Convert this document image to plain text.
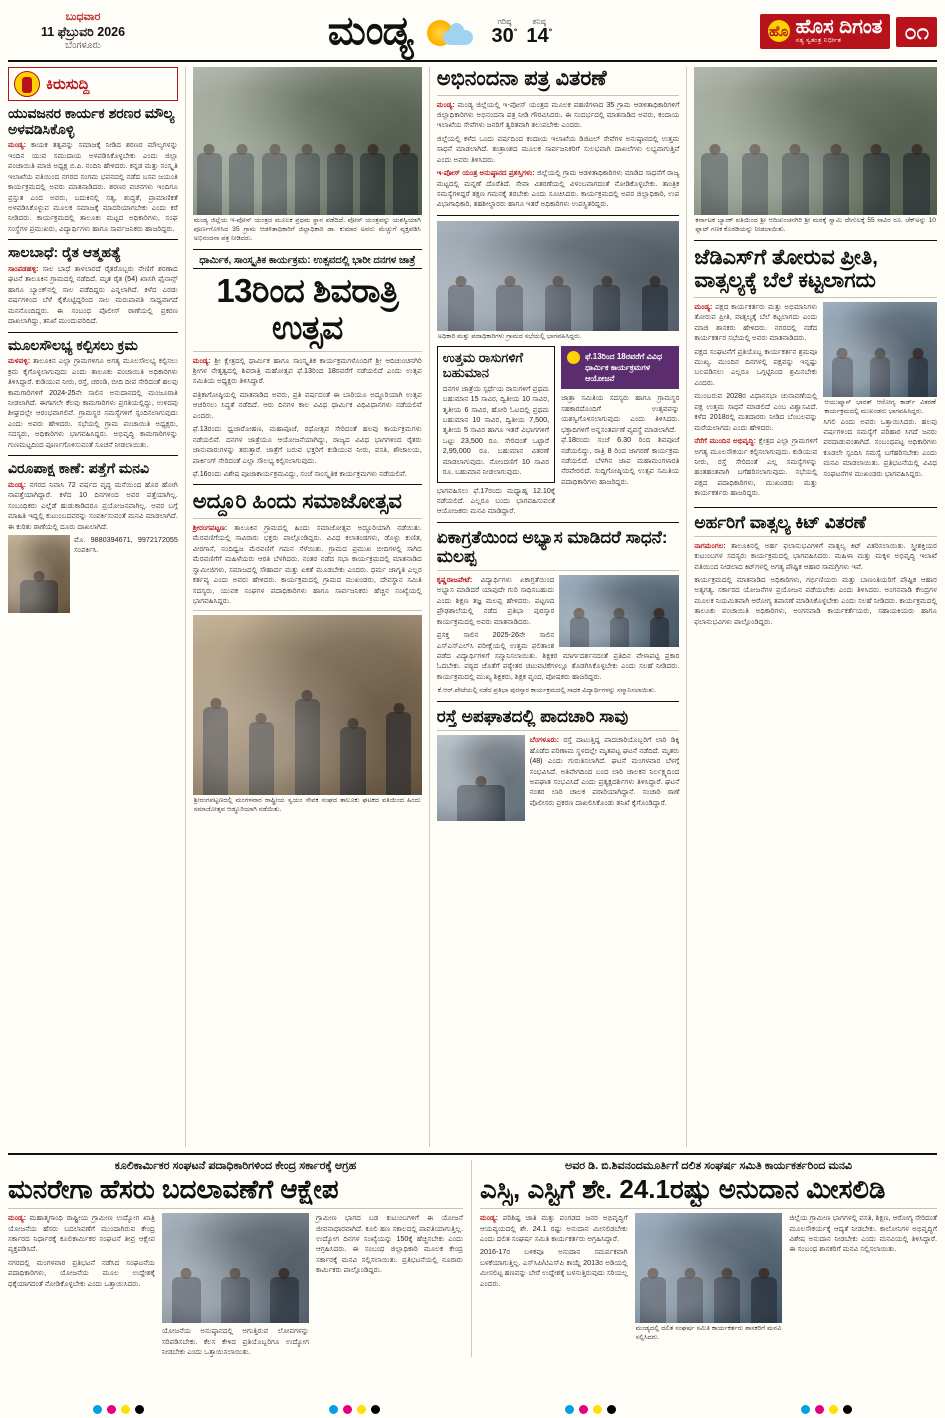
ಬುಧವಾರ
11 ಫೆಬ್ರುವರಿ 2026
ಬೆಂಗಳೂರು	ಮಂಡ್ಯ	ಗರಿಷ್ಠ
30°
ಕನಿಷ್ಠ
14°	ಹೊ ಹೊಸ ದಿಗಂತ
ಸತ್ಯ ಸ್ವತಂತ್ರ ನಿರ್ಭೀತ	೦೧
ಕಿರುಸುದ್ದಿ
ಯುವಜನರ ಕಾರ್ಯಕ ಶರಣರ ಮೌಲ್ಯ ಅಳವಡಿಸಿಕೊಳ್ಳಿ

ಮಂಡ್ಯ: ಕಾಯಕ ತತ್ವವನ್ನು ಸಮಾಜಕ್ಕೆ ನೀಡಿದ ಶರಣರ ಮೌಲ್ಯಗಳನ್ನು ಇಂದಿನ ಯುವ ಸಮುದಾಯ ಅಳವಡಿಸಿಕೊಳ್ಳಬೇಕು ಎಂದು ಜಿಲ್ಲಾ ಪಂಚಾಯಿತಿ ಮಾಜಿ ಅಧ್ಯಕ್ಷ ಬಿ.ಪಿ. ನಂದಿನಿ ಹೇಳಿದರು. ಕನ್ನಡ ಮತ್ತು ಸಂಸ್ಕೃತಿ ಇಲಾಖೆಯ ವತಿಯಿಂದ ನಗರದ ಸಂಗಮ ಭವನದಲ್ಲಿ ನಡೆದ ಬಸವ ಜಯಂತಿ ಕಾರ್ಯಕ್ರಮದಲ್ಲಿ ಅವರು ಮಾತನಾಡಿದರು. ಶರಣರ ವಚನಗಳು ಇಂದಿಗೂ ಪ್ರಸ್ತುತ ಎಂದ ಅವರು, ಬದುಕಿನಲ್ಲಿ ಸತ್ಯ, ಶುದ್ಧತೆ, ಪ್ರಾಮಾಣಿಕತೆ ಅಳವಡಿಸಿಕೊಳ್ಳುವ ಮೂಲಕ ಸಮಾಜಕ್ಕೆ ಮಾದರಿಯಾಗಬೇಕು ಎಂದು ಕರೆ ನೀಡಿದರು. ಕಾರ್ಯಕ್ರಮದಲ್ಲಿ ತಾಲೂಕು ಮಟ್ಟದ ಅಧಿಕಾರಿಗಳು, ಸಂಘ ಸಂಸ್ಥೆಗಳ ಪ್ರಮುಖರು, ವಿದ್ಯಾರ್ಥಿಗಳು ಹಾಗೂ ಸಾರ್ವಜನಿಕರು ಹಾಜರಿದ್ದರು.

ಸಾಲಬಾಧೆ: ರೈತ ಆತ್ಮಹತ್ಯೆ

ಸಾಂಪಡಹಳ್ಳಿ: ಸಾಲ ಬಾಧೆ ತಾಳಲಾರದೆ ರೈತರೊಬ್ಬರು ನೇಣಿಗೆ ಶರಣಾದ ಘಟನೆ ತಾಲೂಕಿನ ಗ್ರಾಮದಲ್ಲಿ ನಡೆದಿದೆ. ಮೃತ ರೈತ (54) ಖಾಸಗಿ ಫೈನಾನ್ಸ್ ಹಾಗೂ ಬ್ಯಾಂಕ್‌ನಲ್ಲಿ ಸಾಲ ಪಡೆದಿದ್ದರು ಎನ್ನಲಾಗಿದೆ. ಕಳೆದ ಎರಡು ವರ್ಷಗಳಿಂದ ಬೆಳೆ ಕೈಕೊಟ್ಟಿದ್ದರಿಂದ ಸಾಲ ಮರುಪಾವತಿ ಸಾಧ್ಯವಾಗದೆ ಮನನೊಂದಿದ್ದರು. ಈ ಸಂಬಂಧ ಪೊಲೀಸ್ ಠಾಣೆಯಲ್ಲಿ ಪ್ರಕರಣ ದಾಖಲಾಗಿದ್ದು, ತನಿಖೆ ಮುಂದುವರಿದಿದೆ.

ಮೂಲಸೌಲಭ್ಯ ಕಲ್ಪಿಸಲು ಕ್ರಮ

ಮಳವಳ್ಳಿ: ತಾಲೂಕಿನ ಎಲ್ಲಾ ಗ್ರಾಮಗಳಿಗೂ ಅಗತ್ಯ ಮೂಲಸೌಲಭ್ಯ ಕಲ್ಪಿಸಲು ಕ್ರಮ ಕೈಗೊಳ್ಳಲಾಗುವುದು ಎಂದು ತಾಲೂಕು ಪಂಚಾಯಿತಿ ಅಧಿಕಾರಿಗಳು ತಿಳಿಸಿದ್ದಾರೆ. ಕುಡಿಯುವ ನೀರು, ರಸ್ತೆ, ಚರಂಡಿ, ಬೀದಿ ದೀಪ ಸೇರಿದಂತೆ ಹಲವು ಕಾಮಗಾರಿಗಳಿಗೆ 2024-25ನೇ ಸಾಲಿನ ಅನುದಾನದಲ್ಲಿ ಮಂಜೂರಾತಿ ನೀಡಲಾಗಿದೆ. ಈಗಾಗಲೇ ಕೆಲವು ಕಾಮಗಾರಿಗಳು ಪ್ರಗತಿಯಲ್ಲಿದ್ದು, ಉಳಿದವು ಶೀಘ್ರದಲ್ಲೇ ಆರಂಭವಾಗಲಿವೆ. ಗ್ರಾಮಸ್ಥರ ಸಮಸ್ಯೆಗಳಿಗೆ ಸ್ಪಂದಿಸಲಾಗುವುದು ಎಂದು ಅವರು ಹೇಳಿದರು. ಸಭೆಯಲ್ಲಿ ಗ್ರಾಮ ಪಂಚಾಯಿತಿ ಅಧ್ಯಕ್ಷರು, ಸದಸ್ಯರು, ಅಧಿಕಾರಿಗಳು ಭಾಗವಹಿಸಿದ್ದರು. ಅಭಿವೃದ್ಧಿ ಕಾಮಗಾರಿಗಳನ್ನು ಗುಣಮಟ್ಟದಿಂದ ಪೂರ್ಣಗೊಳಿಸುವಂತೆ ಸೂಚನೆ ನೀಡಲಾಯಿತು.

ವಿರೂಪಾಕ್ಷ ಕಾಣೆ: ಪತ್ತೆಗೆ ಮನವಿ

ಮಂಡ್ಯ: ನಗರದ ನಿವಾಸಿ 72 ವರ್ಷದ ವೃದ್ಧ ಮನೆಯಿಂದ ಹೊರ ಹೋಗಿ ನಾಪತ್ತೆಯಾಗಿದ್ದಾರೆ. ಕಳೆದ 10 ದಿನಗಳಿಂದ ಅವರ ಪತ್ತೆಯಾಗಿಲ್ಲ. ಸಂಬಂಧಿಕರು ಎಲ್ಲೆಡೆ ಹುಡುಕಾಡಿದರೂ ಪ್ರಯೋಜನವಾಗಿಲ್ಲ. ಅವರ ಬಗ್ಗೆ ಮಾಹಿತಿ ಇದ್ದಲ್ಲಿ ಕುಟುಂಬದವರನ್ನು ಸಂಪರ್ಕಿಸುವಂತೆ ಮನವಿ ಮಾಡಲಾಗಿದೆ. ಈ ಕುರಿತು ಠಾಣೆಯಲ್ಲಿ ದೂರು ದಾಖಲಾಗಿದೆ.

ಮೊ. 9880394671, 9972172055 ಸಂಪರ್ಕಿಸಿ.

ಮಂಡ್ಯ ಜಿಲ್ಲೆಯ ಇ-ಪೋಸ್ ಯಂತ್ರದ ಮೂಲಕ ಪ್ರಥಮ ಸ್ಥಾನ ಪಡೆದಿದೆ. ಪೋಸ್ ಯಂತ್ರವನ್ನು ಯಶಸ್ವಿಯಾಗಿ ಪೂರ್ಣಗೊಳಿಸಿದ 35 ಗ್ರಾಮ ಆಡಳಿತಾಧಿಕಾರಿಗೆ ಜಿಲ್ಲಾಧಿಕಾರಿ ಡಾ. ಕುಮಾರ ಅವರು ಮೆಚ್ಚುಗೆ ವ್ಯಕ್ತಪಡಿಸಿ ಅಭಿನಂದನಾ ಪತ್ರ ನೀಡಿದರು.
ಧಾರ್ಮಿಕ, ಸಾಂಸ್ಕೃತಿಕ ಕಾರ್ಯಕ್ರಮ: ಉತ್ಸವದಲ್ಲಿ ಭಾರೀ ದನಗಳ ಜಾತ್ರೆ
13ರಿಂದ ಶಿವರಾತ್ರಿ ಉತ್ಸವ

ಮಂಡ್ಯ: ಶ್ರೀ ಕ್ಷೇತ್ರದಲ್ಲಿ ಧಾರ್ಮಿಕ ಹಾಗೂ ಸಾಂಸ್ಕೃತಿಕ ಕಾರ್ಯಕ್ರಮಗಳೊಂದಿಗೆ ಶ್ರೀ ಆದಿಚುಂಚನಗಿರಿ ಶ್ರೀಗಳ ನೇತೃತ್ವದಲ್ಲಿ ಶಿವರಾತ್ರಿ ಮಹೋತ್ಸವ ಫೆ.13ರಿಂದ 18ರವರೆಗೆ ನಡೆಯಲಿದೆ ಎಂದು ಉತ್ಸವ ಸಮಿತಿಯ ಅಧ್ಯಕ್ಷರು ತಿಳಿಸಿದ್ದಾರೆ.

ಪತ್ರಿಕಾಗೋಷ್ಠಿಯಲ್ಲಿ ಮಾತನಾಡಿದ ಅವರು, ಪ್ರತಿ ವರ್ಷದಂತೆ ಈ ಬಾರಿಯೂ ಅದ್ಧೂರಿಯಾಗಿ ಉತ್ಸವ ಆಚರಿಸಲು ಸಿದ್ಧತೆ ನಡೆದಿದೆ. ಆರು ದಿನಗಳ ಕಾಲ ವಿವಿಧ ಧಾರ್ಮಿಕ ವಿಧಿವಿಧಾನಗಳು ನಡೆಯಲಿವೆ ಎಂದರು.

ಫೆ.13ರಂದು ಧ್ವಜಾರೋಹಣ, ಮಹಾಪೂಜೆ, ರಥೋತ್ಸವ ಸೇರಿದಂತೆ ಹಲವು ಕಾರ್ಯಕ್ರಮಗಳು ನಡೆಯಲಿವೆ. ದನಗಳ ಜಾತ್ರೆಯೂ ಆಯೋಜನೆಯಾಗಿದ್ದು, ರಾಜ್ಯದ ವಿವಿಧ ಭಾಗಗಳಿಂದ ರೈತರು ಜಾನುವಾರುಗಳನ್ನು ತರುತ್ತಾರೆ. ಜಾತ್ರೆಗೆ ಬರುವ ಭಕ್ತರಿಗೆ ಕುಡಿಯುವ ನೀರು, ವಸತಿ, ಶೌಚಾಲಯ, ಪಾರ್ಕಿಂಗ್ ಸೇರಿದಂತೆ ಎಲ್ಲಾ ಸೌಲಭ್ಯ ಕಲ್ಪಿಸಲಾಗುವುದು.

ಫೆ.16ರಂದು ವಿಶೇಷ ಪೂಜಾಕಾರ್ಯಕ್ರಮವಿದ್ದು, ಸಂಜೆ ಸಾಂಸ್ಕೃತಿಕ ಕಾರ್ಯಕ್ರಮಗಳು ನಡೆಯಲಿವೆ.

ಅದ್ದೂರಿ ಹಿಂದು ಸಮಾಜೋತ್ಸವ

ಶ್ರೀರಂಗಪಟ್ಟಣ: ತಾಲೂಕಿನ ಗ್ರಾಮದಲ್ಲಿ ಹಿಂದು ಸಮಾಜೋತ್ಸವ ಅದ್ದೂರಿಯಾಗಿ ನಡೆಯಿತು. ಮೆರವಣಿಗೆಯಲ್ಲಿ ಸಾವಿರಾರು ಭಕ್ತರು ಪಾಲ್ಗೊಂಡಿದ್ದರು. ವಿವಿಧ ಕಲಾತಂಡಗಳು, ಡೊಳ್ಳು ಕುಣಿತ, ವೀರಗಾಸೆ, ನಂದಿಧ್ವಜ ಮೆರವಣಿಗೆ ಗಮನ ಸೆಳೆಯಿತು. ಗ್ರಾಮದ ಪ್ರಮುಖ ಬೀದಿಗಳಲ್ಲಿ ಸಾಗಿದ ಮೆರವಣಿಗೆಗೆ ಮಹಿಳೆಯರು ಆರತಿ ಬೆಳಗಿದರು. ನಂತರ ನಡೆದ ಸಭಾ ಕಾರ್ಯಕ್ರಮದಲ್ಲಿ ಮಾತನಾಡಿದ ಸ್ವಾಮೀಜಿಗಳು, ಸಮಾಜದಲ್ಲಿ ಸೌಹಾರ್ದ ಮತ್ತು ಏಕತೆ ಮೂಡಬೇಕು ಎಂದರು. ಧರ್ಮ ಜಾಗೃತಿ ಎಲ್ಲರ ಕರ್ತವ್ಯ ಎಂದು ಅವರು ಹೇಳಿದರು. ಕಾರ್ಯಕ್ರಮದಲ್ಲಿ ಗ್ರಾಮದ ಮುಖಂಡರು, ದೇವಸ್ಥಾನ ಸಮಿತಿ ಸದಸ್ಯರು, ಯುವಕ ಸಂಘಗಳ ಪದಾಧಿಕಾರಿಗಳು ಹಾಗೂ ಸಾರ್ವಜನಿಕರು ಹೆಚ್ಚಿನ ಸಂಖ್ಯೆಯಲ್ಲಿ ಭಾಗವಹಿಸಿದ್ದರು.

ಶ್ರೀರಂಗಪಟ್ಟಣದಲ್ಲಿ ಮಂಗಳವಾರ ರಾಷ್ಟ್ರೀಯ ಸ್ವಯಂ ಸೇವಕ ಸಂಘದ ತಾಲೂಕು ಘಟಕದ ವತಿಯಿಂದ ಹಿಂದು ಸಮಾಜೋತ್ಸವ ಆಡ್ಡೂರಿಯಾಗಿ ನಡೆಯಿತು.
ಅಭಿನಂದನಾ ಪತ್ರ ವಿತರಣೆ

ಮಂಡ್ಯ: ಮಂಡ್ಯ ಜಿಲ್ಲೆಯಲ್ಲಿ ಇ-ಪೋಸ್ ಯಂತ್ರದ ಮೂಲಕ ಪಹಣಿಗಳಾದ 35 ಗ್ರಾಮ ಆಡಳಿತಾಧಿಕಾರಿಗಳಿಗೆ ಜಿಲ್ಲಾಧಿಕಾರಿಗಳು ಅಭಿನಂದನಾ ಪತ್ರ ನೀಡಿ ಗೌರವಿಸಿದರು. ಈ ಸಂದರ್ಭದಲ್ಲಿ ಮಾತನಾಡಿದ ಅವರು, ಕಂದಾಯ ಇಲಾಖೆಯ ಸೇವೆಗಳು ಜನರಿಗೆ ತ್ವರಿತವಾಗಿ ತಲುಪಬೇಕು ಎಂದರು.

ಜಿಲ್ಲೆಯಲ್ಲಿ ಕಳೆದ ಒಂದು ವರ್ಷದಿಂದ ಕಂದಾಯ ಇಲಾಖೆಯ ಡಿಜಿಟಲ್ ಸೇವೆಗಳ ಅನುಷ್ಠಾನದಲ್ಲಿ ಉತ್ತಮ ಸಾಧನೆ ಮಾಡಲಾಗಿದೆ. ತಂತ್ರಾಂಶದ ಮೂಲಕ ಸಾರ್ವಜನಿಕರಿಗೆ ಸುಲಭವಾಗಿ ದಾಖಲೆಗಳು ಲಭ್ಯವಾಗುತ್ತಿವೆ ಎಂದು ಅವರು ತಿಳಿಸಿದರು.

ಇ-ಪೋಸ್ ಯಂತ್ರ ಅನುಷ್ಠಾನದ ಪ್ರಶಸ್ತಿಗಳು: ಜಿಲ್ಲೆಯಲ್ಲಿ ಗ್ರಾಮ ಆಡಳಿತಾಧಿಕಾರಿಗಳು ಮಾಡಿದ ಸಾಧನೆಗೆ ರಾಜ್ಯ ಮಟ್ಟದಲ್ಲಿ ಮನ್ನಣೆ ದೊರೆತಿದೆ. ಸೇವಾ ವಿತರಣೆಯಲ್ಲಿ ವಿಳಂಬವಾಗದಂತೆ ನೋಡಿಕೊಳ್ಳಬೇಕು. ತಾಂತ್ರಿಕ ಸಮಸ್ಯೆಗಳಿದ್ದರೆ ತಕ್ಷಣ ಗಮನಕ್ಕೆ ತರಬೇಕು ಎಂದು ಸೂಚಿಸಿದರು. ಕಾರ್ಯಕ್ರಮದಲ್ಲಿ ಅಪರ ಜಿಲ್ಲಾಧಿಕಾರಿ, ಉಪ ವಿಭಾಗಾಧಿಕಾರಿ, ತಹಶೀಲ್ದಾರರು ಹಾಗೂ ಇತರೆ ಅಧಿಕಾರಿಗಳು ಉಪಸ್ಥಿತರಿದ್ದರು.

ಅಧಿಕಾರಿ ಮತ್ತು ಪದಾಧಿಕಾರಿಗಳು ಗ್ರಾಮದ ಸಭೆಯಲ್ಲಿ ಭಾಗವಹಿಸಿದ್ದರು.
ಉತ್ತಮ ರಾಸುಗಳಿಗೆ ಬಹುಮಾನ
ದನಗಳ ಜಾತ್ರೆಯ ಸ್ಪರ್ಧೆಯ ರಾಸುಗಳಿಗೆ ಪ್ರಥಮ ಬಹುಮಾನ 15 ಸಾವಿರ, ದ್ವಿತೀಯ 10 ಸಾವಿರ, ತೃತೀಯ 6 ಸಾವಿರ, ಹೋರಿ ಓಟದಲ್ಲಿ ಪ್ರಥಮ ಬಹುಮಾನ 10 ಸಾವಿರ, ದ್ವಿತೀಯ 7,500, ತೃತೀಯ 5 ಸಾವಿರ ಹಾಗೂ ಇತರೆ ವಿಭಾಗಗಳಿಗೆ ಒಟ್ಟು 23,500 ರೂ. ಸೇರಿದಂತೆ ಒಟ್ಟಾರೆ 2,95,000 ರೂ. ಬಹುಮಾನ ವಿತರಣೆ ಮಾಡಲಾಗುವುದು. ನೋಂದಣಿಗೆ 10 ಸಾವಿರ ರೂ. ಬಹುಮಾನ ನೀಡಲಾಗುವುದು.
ಭಾಗವಹಿಸಲು ಫೆ.17ರಂದು ಮಧ್ಯಾಹ್ನ 12.10ಕ್ಕೆ ನಡೆಯಲಿದೆ. ಎಲ್ಲರೂ ಬಂದು ಭಾಗವಹಿಸುವಂತೆ ಆಯೋಜಕರು ಮನವಿ ಮಾಡಿದ್ದಾರೆ.
ಫೆ.13ರಿಂದ 18ರವರೆಗೆ ವಿವಿಧ ಧಾರ್ಮಿಕ ಕಾರ್ಯಕ್ರಮಗಳ ಆಯೋಜನೆ
ಜಾತ್ರಾ ಸಮಿತಿಯ ಸದಸ್ಯರು ಹಾಗೂ ಗ್ರಾಮಸ್ಥರ ಸಹಕಾರದೊಂದಿಗೆ ಉತ್ಸವವನ್ನು ಯಶಸ್ವಿಗೊಳಿಸಲಾಗುವುದು ಎಂದು ತಿಳಿಸಿದರು. ಭಕ್ತಾದಿಗಳಿಗೆ ಅನ್ನಸಂತರ್ಪಣೆ ವ್ಯವಸ್ಥೆ ಮಾಡಲಾಗಿದೆ.
ಫೆ.18ರಂದು ಸಂಜೆ 6.30 ರಿಂದ ಶಿವಪೂಜೆ ನಡೆಯಲಿದ್ದು, ರಾತ್ರಿ 8 ರಿಂದ ಜಾಗರಣೆ ಕಾರ್ಯಕ್ರಮ ನಡೆಯಲಿದೆ. ಬೆಳಗಿನ ಜಾವ ಮಹಾಮಂಗಳಾರತಿ ನೆರವೇರಲಿದೆ. ಸುದ್ದಿಗೋಷ್ಠಿಯಲ್ಲಿ ಉತ್ಸವ ಸಮಿತಿಯ ಪದಾಧಿಕಾರಿಗಳು ಹಾಜರಿದ್ದರು.
ಏಕಾಗ್ರತೆಯಿಂದ ಅಭ್ಯಾಸ ಮಾಡಿದರೆ ಸಾಧನೆ: ಮಲಪ್ಪ

ಕೃಷ್ಣರಾಜಪೇಟೆ: ವಿದ್ಯಾರ್ಥಿಗಳು ಏಕಾಗ್ರತೆಯಿಂದ ಅಭ್ಯಾಸ ಮಾಡಿದರೆ ಯಾವುದೇ ಗುರಿ ಸಾಧಿಸಬಹುದು ಎಂದು ಶಿಕ್ಷಣ ತಜ್ಞ ಮಲಪ್ಪ ಹೇಳಿದರು. ಪಟ್ಟಣದ ಪ್ರೌಢಶಾಲೆಯಲ್ಲಿ ನಡೆದ ಪ್ರತಿಭಾ ಪುರಸ್ಕಾರ ಕಾರ್ಯಕ್ರಮದಲ್ಲಿ ಅವರು ಮಾತನಾಡಿದರು.

ಪ್ರಸಕ್ತ ಸಾಲಿನ 2025-26ನೇ ಸಾಲಿನ ಎಸ್ಎಸ್ಎಲ್‌ಸಿ ಪರೀಕ್ಷೆಯಲ್ಲಿ ಉತ್ತಮ ಫಲಿತಾಂಶ ಪಡೆದ ವಿದ್ಯಾರ್ಥಿಗಳಿಗೆ ಸನ್ಮಾನಿಸಲಾಯಿತು. ಶಿಕ್ಷಕರ ಮಾರ್ಗದರ್ಶನದಂತೆ ಪ್ರತಿದಿನ ವೇಳಾಪಟ್ಟಿ ಪ್ರಕಾರ ಓದಬೇಕು. ಪಠ್ಯದ ಜೊತೆಗೆ ಪಠ್ಯೇತರ ಚಟುವಟಿಕೆಗಳಲ್ಲೂ ತೊಡಗಿಸಿಕೊಳ್ಳಬೇಕು ಎಂದು ಸಲಹೆ ನೀಡಿದರು. ಕಾರ್ಯಕ್ರಮದಲ್ಲಿ ಮುಖ್ಯ ಶಿಕ್ಷಕರು, ಶಿಕ್ಷಕ ವೃಂದ, ಪೋಷಕರು ಹಾಜರಿದ್ದರು.

ಕೆ.ಆರ್.ಪೇಟೆಯಲ್ಲಿ ನಡೆದ ಪ್ರತಿಭಾ ಪುರಸ್ಕಾರ ಕಾರ್ಯಕ್ರಮದಲ್ಲಿ ಸಾಧಕ ವಿದ್ಯಾರ್ಥಿಗಳನ್ನು ಸನ್ಮಾನಿಸಲಾಯಿತು.
ರಸ್ತೆ ಅಪಘಾತದಲ್ಲಿ ಪಾದಚಾರಿ ಸಾವು

ಬೆಂಗಳೂರು: ರಸ್ತೆ ದಾಟುತ್ತಿದ್ದ ಪಾದಚಾರಿಯೊಬ್ಬರಿಗೆ ಲಾರಿ ಡಿಕ್ಕಿ ಹೊಡೆದ ಪರಿಣಾಮ ಸ್ಥಳದಲ್ಲೇ ಮೃತಪಟ್ಟ ಘಟನೆ ನಡೆದಿದೆ. ಮೃತರು (48) ಎಂದು ಗುರುತಿಸಲಾಗಿದೆ. ಘಟನೆ ಮಂಗಳವಾರ ಬೆಳಗ್ಗೆ ಸಂಭವಿಸಿದೆ. ಅತಿವೇಗದಿಂದ ಬಂದ ಲಾರಿ ಚಾಲಕನ ನಿರ್ಲಕ್ಷ್ಯದಿಂದ ಅಪಘಾತ ಸಂಭವಿಸಿದೆ ಎಂದು ಪ್ರತ್ಯಕ್ಷದರ್ಶಿಗಳು ತಿಳಿಸಿದ್ದಾರೆ. ಘಟನೆ ನಂತರ ಲಾರಿ ಚಾಲಕ ಪರಾರಿಯಾಗಿದ್ದಾನೆ. ಸಂಚಾರಿ ಠಾಣೆ ಪೊಲೀಸರು ಪ್ರಕರಣ ದಾಖಲಿಸಿಕೊಂಡು ತನಿಖೆ ಕೈಗೊಂಡಿದ್ದಾರೆ.

ಕರ್ನಾಟಕ ಬ್ಯಾಂಕ್ ವತಿಯಿಂದ ಶ್ರೀ ಆದಿಚುಂಚನಗಿರಿ ಶ್ರೀ ಮಠಕ್ಕೆ ಸ್ವಾಮಿ ದೇಗುಲಕ್ಕೆ 55 ಸಾವಿರ ರೂ. ಚೆಕ್‌ಅನ್ನು 10 ಫ್ಲಾಟ್ ಗಣಕ ಕೊಠಡಿಯನ್ನು ನೀಡಲಾಯಿತು.
ಜೆಡಿಎಸ್‌ಗೆ ತೋರುವ ಪ್ರೀತಿ, ವಾತ್ಸಲ್ಯಕ್ಕೆ ಬೆಲೆ ಕಟ್ಟಲಾಗದು

ಮಂಡ್ಯ: ಪಕ್ಷದ ಕಾರ್ಯಕರ್ತರು ಮತ್ತು ಅಭಿಮಾನಿಗಳು ತೋರುವ ಪ್ರೀತಿ, ವಾತ್ಸಲ್ಯಕ್ಕೆ ಬೆಲೆ ಕಟ್ಟಲಾಗದು ಎಂದು ಮಾಜಿ ಶಾಸಕರು ಹೇಳಿದರು. ನಗರದಲ್ಲಿ ನಡೆದ ಕಾರ್ಯಕರ್ತರ ಸಭೆಯಲ್ಲಿ ಅವರು ಮಾತನಾಡಿದರು.

ಪಕ್ಷದ ಸಂಘಟನೆಗೆ ಪ್ರತಿಯೊಬ್ಬ ಕಾರ್ಯಕರ್ತನ ಶ್ರಮವೂ ಮುಖ್ಯ. ಮುಂದಿನ ದಿನಗಳಲ್ಲಿ ಪಕ್ಷವನ್ನು ಇನ್ನಷ್ಟು ಬಲಪಡಿಸಲು ಎಲ್ಲರೂ ಒಗ್ಗಟ್ಟಿನಿಂದ ಶ್ರಮಿಸಬೇಕು ಎಂದರು.

ಮುಂಬರುವ 2028ರ ವಿಧಾನಸಭಾ ಚುನಾವಣೆಯಲ್ಲಿ ಪಕ್ಷ ಉತ್ತಮ ಸಾಧನೆ ಮಾಡಲಿದೆ ಎಂಬ ವಿಶ್ವಾಸವಿದೆ. ಕಳೆದ 2018ರಲ್ಲಿ ಮತದಾರರು ನೀಡಿದ ಬೆಂಬಲವನ್ನು ಮರೆಯಲಾಗದು ಎಂದು ಹೇಳಿದರು.

ನೆರೆಗೆ ಮುಂದಿನ ಅಭಿವೃದ್ಧಿ: ಕ್ಷೇತ್ರದ ಎಲ್ಲಾ ಗ್ರಾಮಗಳಿಗೆ ಅಗತ್ಯ ಮೂಲಸೌಕರ್ಯ ಕಲ್ಪಿಸಲಾಗುವುದು. ಕುಡಿಯುವ ನೀರು, ರಸ್ತೆ ಸೇರಿದಂತೆ ಎಲ್ಲ ಸಮಸ್ಯೆಗಳನ್ನು ಹಂತಹಂತವಾಗಿ ಬಗೆಹರಿಸಲಾಗುವುದು. ಸಭೆಯಲ್ಲಿ ಪಕ್ಷದ ಪದಾಧಿಕಾರಿಗಳು, ಮುಖಂಡರು ಮತ್ತು ಕಾರ್ಯಕರ್ತರು ಹಾಜರಿದ್ದರು.

ಆಯುಷ್ಮಾನ್ ಭಾರತ್ ಆರೋಗ್ಯ ಕಾರ್ಡ್ ವಿತರಣೆ ಕಾರ್ಯಕ್ರಮದಲ್ಲಿ ಮುಖಂಡರು ಭಾಗವಹಿಸಿದ್ದರು.
ಸಿಗಲಿ ಎಂದು ಅವರು ಒತ್ತಾಯಿಸಿದರು. ಹಲವು ವರ್ಷಗಳಿಂದ ಸಮಸ್ಯೆಗೆ ಪರಿಹಾರ ಸಿಗದೆ ಜನರು ಪರದಾಡುವಂತಾಗಿದೆ. ಸಂಬಂಧಪಟ್ಟ ಅಧಿಕಾರಿಗಳು ಕೂಡಲೇ ಸ್ಪಂದಿಸಿ ಸಮಸ್ಯೆ ಬಗೆಹರಿಸಬೇಕು ಎಂದು ಮನವಿ ಮಾಡಲಾಯಿತು. ಪ್ರತಿಭಟನೆಯಲ್ಲಿ ವಿವಿಧ ಸಂಘಟನೆಗಳ ಮುಖಂಡರು ಭಾಗವಹಿಸಿದ್ದರು.
ಅರ್ಹರಿಗೆ ವಾತ್ಸಲ್ಯ ಕಿಟ್ ವಿತರಣೆ

ನಾಗಮಂಗಲ: ತಾಲೂಕಿನಲ್ಲಿ ಅರ್ಹ ಫಲಾನುಭವಿಗಳಿಗೆ ವಾತ್ಸಲ್ಯ ಕಿಟ್ ವಿತರಿಸಲಾಯಿತು. ಸ್ತ್ರೀಶಕ್ತಿಯರ ಕುಟುಂಬಗಳ ಸದಸ್ಯರು ಕಾರ್ಯಕ್ರಮದಲ್ಲಿ ಭಾಗವಹಿಸಿದರು. ಮಹಿಳಾ ಮತ್ತು ಮಕ್ಕಳ ಅಭಿವೃದ್ಧಿ ಇಲಾಖೆ ವತಿಯಿಂದ ನೀಡಲಾದ ಕಿಟ್‌ಗಳಲ್ಲಿ ಅಗತ್ಯ ಪೌಷ್ಟಿಕ ಆಹಾರ ಸಾಮಗ್ರಿಗಳು ಇವೆ.

ಕಾರ್ಯಕ್ರಮದಲ್ಲಿ ಮಾತನಾಡಿದ ಅಧಿಕಾರಿಗಳು, ಗರ್ಭಿಣಿಯರು ಮತ್ತು ಬಾಣಂತಿಯರಿಗೆ ಪೌಷ್ಟಿಕ ಆಹಾರ ಅತ್ಯಗತ್ಯ. ಸರ್ಕಾರದ ಯೋಜನೆಗಳ ಪ್ರಯೋಜನ ಪಡೆಯಬೇಕು ಎಂದು ತಿಳಿಸಿದರು. ಅಂಗನವಾಡಿ ಕೇಂದ್ರಗಳ ಮೂಲಕ ನಿಯಮಿತವಾಗಿ ಆರೋಗ್ಯ ತಪಾಸಣೆ ಮಾಡಿಸಿಕೊಳ್ಳಬೇಕು ಎಂದು ಸಲಹೆ ನೀಡಿದರು. ಕಾರ್ಯಕ್ರಮದಲ್ಲಿ ತಾಲೂಕು ಪಂಚಾಯಿತಿ ಅಧಿಕಾರಿಗಳು, ಅಂಗನವಾಡಿ ಕಾರ್ಯಕರ್ತೆಯರು, ಸಹಾಯಕಿಯರು ಹಾಗೂ ಫಲಾನುಭವಿಗಳು ಪಾಲ್ಗೊಂಡಿದ್ದರು.

ಕೂಲಿಕಾರ್ಮಿಕರ ಸಂಘಟನೆ ಪದಾಧಿಕಾರಿಗಳಿಂದ ಕೇಂದ್ರ ಸರ್ಕಾರಕ್ಕೆ ಆಗ್ರಹ
ಮನರೇಗಾ ಹೆಸರು ಬದಲಾವಣೆಗೆ ಆಕ್ಷೇಪ

ಮಂಡ್ಯ: ಮಹಾತ್ಮಗಾಂಧಿ ರಾಷ್ಟ್ರೀಯ ಗ್ರಾಮೀಣ ಉದ್ಯೋಗ ಖಾತ್ರಿ ಯೋಜನೆಯ ಹೆಸರು ಬದಲಾವಣೆಗೆ ಮುಂದಾಗಿರುವ ಕೇಂದ್ರ ಸರ್ಕಾರದ ನಿರ್ಧಾರಕ್ಕೆ ಕೂಲಿಕಾರ್ಮಿಕರ ಸಂಘಟನೆ ತೀವ್ರ ಆಕ್ಷೇಪ ವ್ಯಕ್ತಪಡಿಸಿದೆ.

ನಗರದಲ್ಲಿ ಮಂಗಳವಾರ ಪ್ರತಿಭಟನೆ ನಡೆಸಿದ ಸಂಘಟನೆಯ ಪದಾಧಿಕಾರಿಗಳು, ಯೋಜನೆಯ ಮೂಲ ಉದ್ದೇಶಕ್ಕೆ ಧಕ್ಕೆಯಾಗದಂತೆ ನೋಡಿಕೊಳ್ಳಬೇಕು ಎಂದು ಒತ್ತಾಯಿಸಿದರು.

ಯೋಜನೆಯ ಅನುಷ್ಠಾನದಲ್ಲಿ ಆಗುತ್ತಿರುವ ಲೋಪಗಳನ್ನು ಸರಿಪಡಿಸಬೇಕು. ಕೆಲಸ ಕೇಳಿದ ಪ್ರತಿಯೊಬ್ಬರಿಗೂ ಉದ್ಯೋಗ ನೀಡಬೇಕು ಎಂದು ಒತ್ತಾಯಿಸಲಾಯಿತು.

ಗ್ರಾಮೀಣ ಭಾಗದ ಬಡ ಕುಟುಂಬಗಳಿಗೆ ಈ ಯೋಜನೆ ಜೀವನಾಧಾರವಾಗಿದೆ. ಕೂಲಿ ಹಣ ಸಕಾಲದಲ್ಲಿ ಪಾವತಿಯಾಗುತ್ತಿಲ್ಲ. ಉದ್ಯೋಗ ದಿನಗಳ ಸಂಖ್ಯೆಯನ್ನು 150ಕ್ಕೆ ಹೆಚ್ಚಿಸಬೇಕು ಎಂದು ಆಗ್ರಹಿಸಿದರು. ಈ ಸಂಬಂಧ ಜಿಲ್ಲಾಧಿಕಾರಿ ಮೂಲಕ ಕೇಂದ್ರ ಸರ್ಕಾರಕ್ಕೆ ಮನವಿ ಸಲ್ಲಿಸಲಾಯಿತು. ಪ್ರತಿಭಟನೆಯಲ್ಲಿ ನೂರಾರು ಕಾರ್ಮಿಕರು ಪಾಲ್ಗೊಂಡಿದ್ದರು.

ಅವರ ಡಿ. ಬಿ.ಶಿವನಂದಮೂರ್ತಿಗೆ ದಲಿತ ಸಂಘರ್ಷ ಸಮಿತಿ ಕಾರ್ಯಕರ್ತರಿಂದ ಮನವಿ
ಎಸ್ಸಿ, ಎಸ್ಟಿಗೆ ಶೇ. 24.1ರಷ್ಟು ಅನುದಾನ ಮೀಸಲಿಡಿ

ಮಂಡ್ಯ: ಪರಿಶಿಷ್ಟ ಜಾತಿ ಮತ್ತು ಪಂಗಡದ ಜನರ ಅಭಿವೃದ್ಧಿಗೆ ಆಯವ್ಯಯದಲ್ಲಿ ಶೇ. 24.1 ರಷ್ಟು ಅನುದಾನ ಮೀಸಲಿಡಬೇಕು ಎಂದು ದಲಿತ ಸಂಘರ್ಷ ಸಮಿತಿ ಕಾರ್ಯಕರ್ತರು ಆಗ್ರಹಿಸಿದ್ದಾರೆ.

2016-17ರ ಬಳಿಕವೂ ಅನುದಾನ ಸಮರ್ಪಕವಾಗಿ ಬಳಕೆಯಾಗುತ್ತಿಲ್ಲ. ಎಸ್‌ಸಿಪಿ/ಟಿಎಸ್‌ಪಿ ಕಾಯ್ದೆ 2013ರ ಅಡಿಯಲ್ಲಿ ಮೀಸಲಿಟ್ಟ ಹಣವನ್ನು ಬೇರೆ ಉದ್ದೇಶಕ್ಕೆ ಬಳಸುತ್ತಿರುವುದು ಸರಿಯಲ್ಲ ಎಂದರು.

ಮಂಡ್ಯದಲ್ಲಿ ದಲಿತ ಸಂಘರ್ಷ ಸಮಿತಿ ಕಾರ್ಯಕರ್ತರು ಶಾಸಕರಿಗೆ ಮನವಿ ಸಲ್ಲಿಸಿದರು.

ಜಿಲ್ಲೆಯ ಗ್ರಾಮೀಣ ಭಾಗಗಳಲ್ಲಿ ವಸತಿ, ಶಿಕ್ಷಣ, ಆರೋಗ್ಯ ಸೇರಿದಂತೆ ಮೂಲಸೌಕರ್ಯಕ್ಕೆ ಆದ್ಯತೆ ನೀಡಬೇಕು. ಕಾಲೋನಿಗಳ ಅಭಿವೃದ್ಧಿಗೆ ವಿಶೇಷ ಅನುದಾನ ನೀಡಬೇಕು ಎಂದು ಮನವಿಯಲ್ಲಿ ತಿಳಿಸಿದ್ದಾರೆ. ಈ ಸಂಬಂಧ ಶಾಸಕರಿಗೆ ಮನವಿ ಸಲ್ಲಿಸಲಾಯಿತು.
